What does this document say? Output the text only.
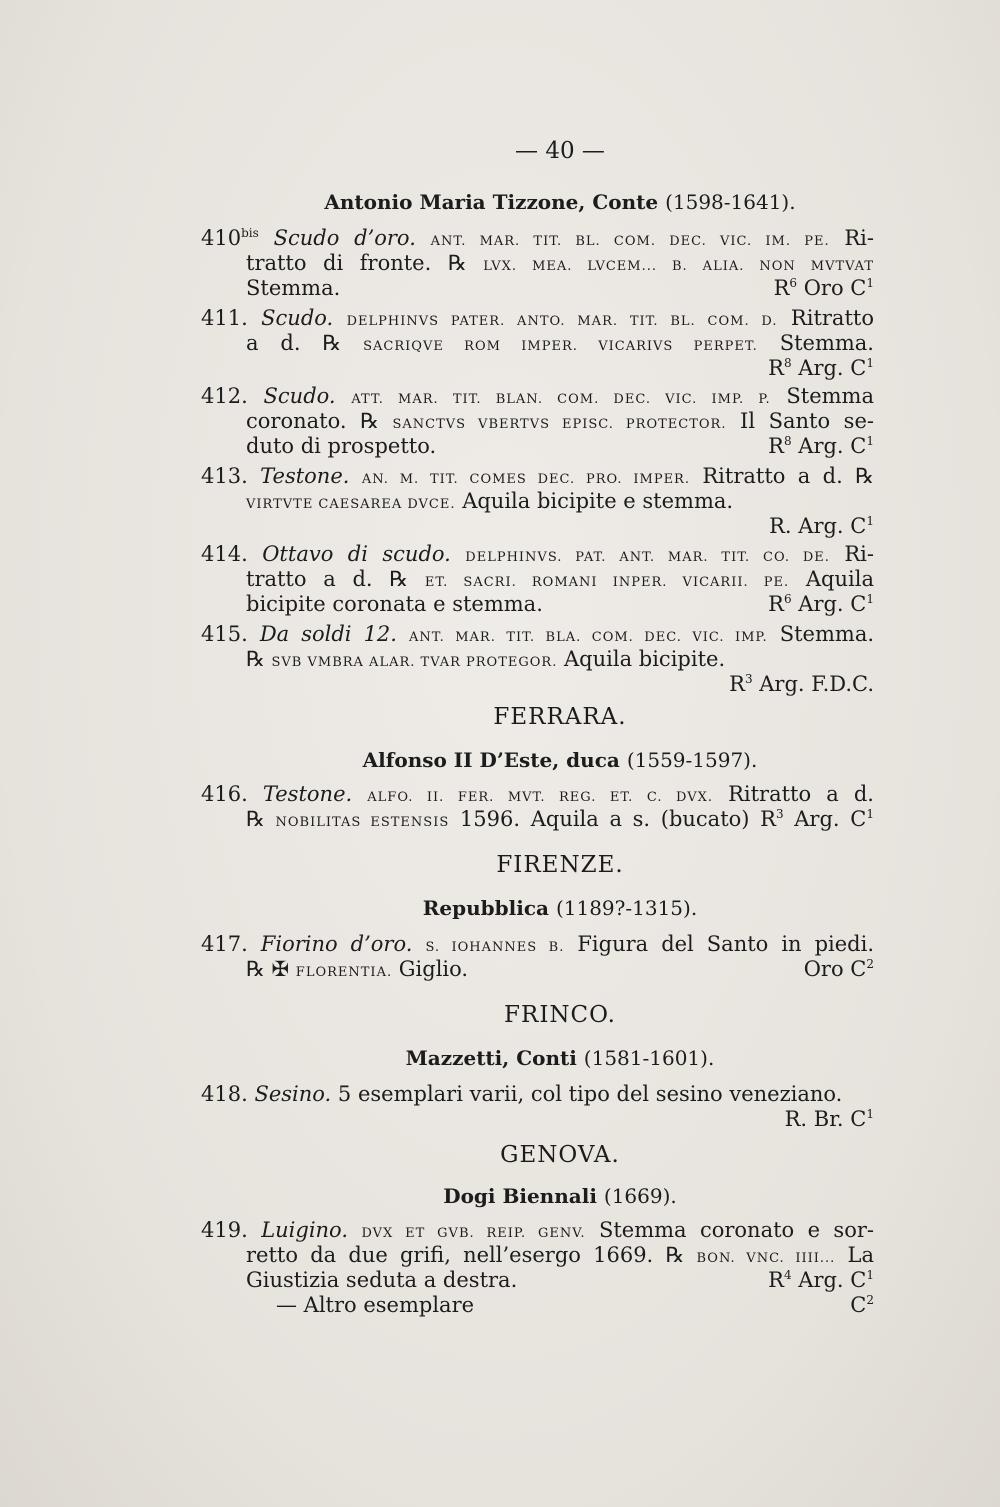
— 40 —
Antonio Maria Tizzone, Conte (1598-1641).
$410^{bis}$ Scudo d’oro. ANT. MAR. TIT. BL. COM. DEC. VIC. IM. PE. Ri-
tratto di fronte. ℞ LVX. MEA. LVCEM... B. ALIA. NON MVTVAT
Stemma.	$R^6$ Oro $C^1$
411. Scudo. DELPHINVS PATER. ANTO. MAR. TIT. BL. COM. D. Ritratto
a d. ℞ SACRIQVE ROM IMPER. VICARIVS PERPET. Stemma.
$R^8$ Arg. $C^1$
412. Scudo. ATT. MAR. TIT. BLAN. COM. DEC. VIC. IMP. P. Stemma
coronato. ℞ SANCTVS VBERTVS EPISC. PROTECTOR. Il Santo se-
duto di prospetto.	$R^8$ Arg. $C^1$
413. Testone. AN. M. TIT. COMES DEC. PRO. IMPER. Ritratto a d. ℞
VIRTVTE CAESAREA DVCE. Aquila bicipite e stemma.
R. Arg. $C^1$
414. Ottavo di scudo. DELPHINVS. PAT. ANT. MAR. TIT. CO. DE. Ri-
tratto a d. ℞ ET. SACRI. ROMANI INPER. VICARII. PE. Aquila
bicipite coronata e stemma.	$R^6$ Arg. $C^1$
415. Da soldi 12. ANT. MAR. TIT. BLA. COM. DEC. VIC. IMP. Stemma.
℞ SVB VMBRA ALAR. TVAR PROTEGOR. Aquila bicipite.
$R^3$ Arg. F.D.C.
FERRARA.
Alfonso II D’Este, duca (1559-1597).
416. Testone. ALFO. II. FER. MVT. REG. ET. C. DVX. Ritratto a d.
℞ NOBILITAS ESTENSIS 1596. Aquila a s. (bucato) $R^3$ Arg. $C^1$
FIRENZE.
Repubblica (1189?-1315).
417. Fiorino d’oro. S. IOHANNES B. Figura del Santo in piedi.
℞ ✠ FLORENTIA. Giglio.	Oro $C^2$
FRINCO.
Mazzetti, Conti (1581-1601).
418. Sesino. 5 esemplari varii, col tipo del sesino veneziano.
R. Br. $C^1$
GENOVA.
Dogi Biennali (1669).
419. Luigino. DVX ET GVB. REIP. GENV. Stemma coronato e sor-
retto da due grifi, nell’esergo 1669. ℞ BON. VNC. IIII... La
Giustizia seduta a destra.	$R^4$ Arg. $C^1$
— Altro esemplare	$C^2$
